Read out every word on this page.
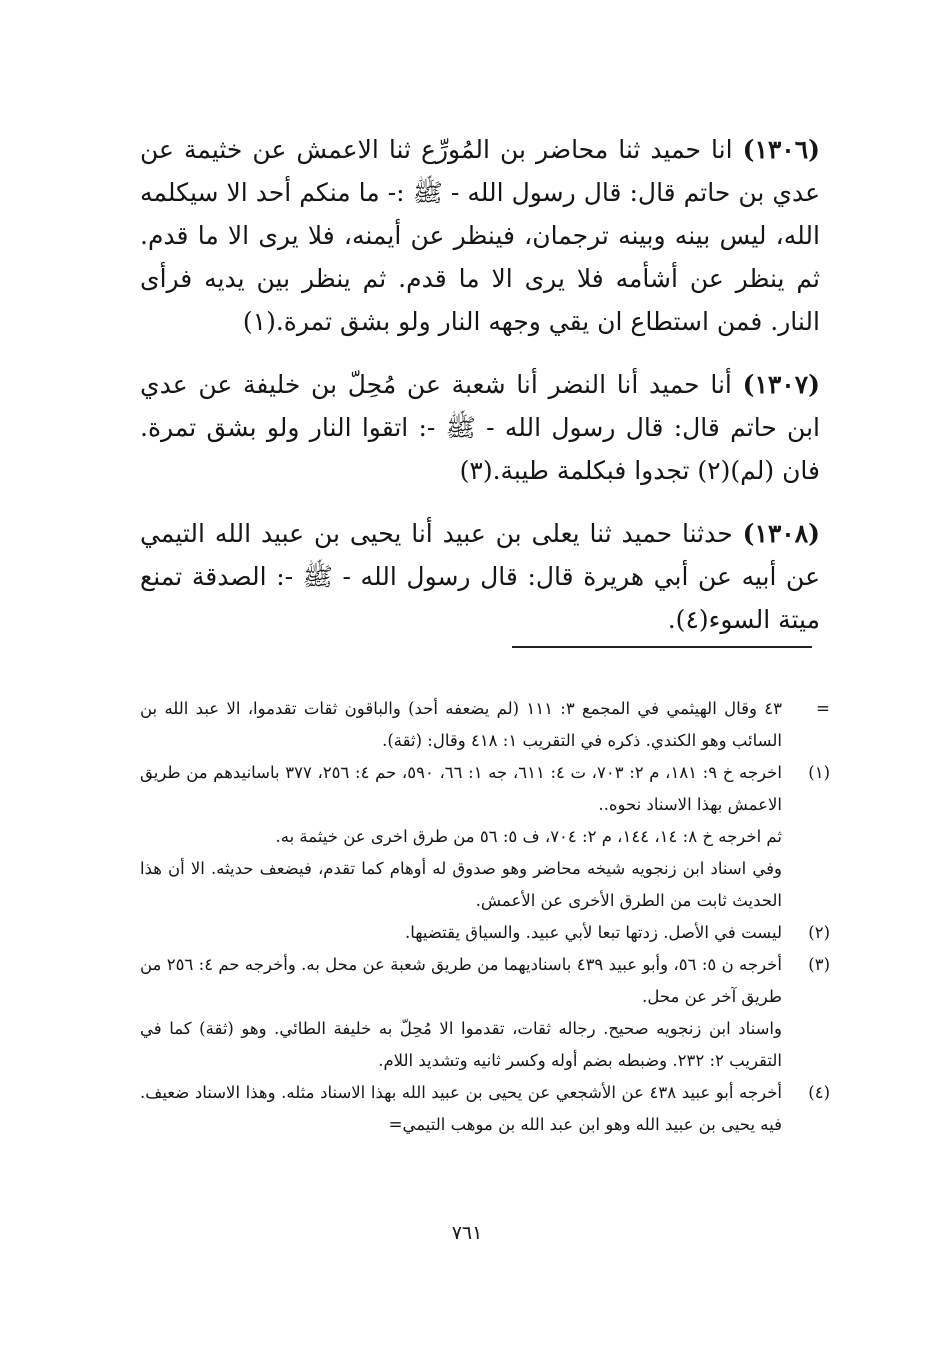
(١٣٠٦) انا حميد ثنا محاضر بن المُورِّع ثنا الاعمش عن خثيمة عن عدي بن حاتم قال: قال رسول الله - ﷺ :- ما منكم أحد الا سيكلمه الله، ليس بينه وبينه ترجمان، فينظر عن أيمنه، فلا يرى الا ما قدم. ثم ينظر عن أشأمه فلا يرى الا ما قدم. ثم ينظر بين يديه فرأى النار. فمن استطاع ان يقي وجهه النار ولو بشق تمرة.(١)

(١٣٠٧) أنا حميد أنا النضر أنا شعبة عن مُحِلّ بن خليفة عن عدي ابن حاتم قال: قال رسول الله - ﷺ -: اتقوا النار ولو بشق تمرة. فان (لم)(٢) تجدوا فبكلمة طيبة.(٣)

(١٣٠٨) حدثنا حميد ثنا يعلى بن عبيد أنا يحيى بن عبيد الله التيمي عن أبيه عن أبي هريرة قال: قال رسول الله - ﷺ -: الصدقة تمنع ميتة السوء(٤).

=

٤٣ وقال الهيثمي في المجمع ٣: ١١١ (لم يضعفه أحد) والباقون ثقات تقدموا، الا عبد الله بن السائب وهو الكندي. ذكره في التقريب ١: ٤١٨ وقال: (ثقة).

(١)

اخرجه خ ٩: ١٨١، م ٢: ٧٠٣، ت ٤: ٦١١، جه ١: ٦٦، ٥٩٠، حم ٤: ٢٥٦، ٣٧٧ باسانيدهم من طريق الاعمش بهذا الاسناد نحوه..

ثم اخرجه خ ٨: ١٤، ١٤٤، م ٢: ٧٠٤، ف ٥: ٥٦ من طرق اخرى عن خيثمة به.

وفي اسناد ابن زنجويه شيخه محاضر وهو صدوق له أوهام كما تقدم، فيضعف حديثه. الا أن هذا الحديث ثابت من الطرق الأخرى عن الأعمش.

(٢)

ليست في الأصل. زدتها تبعا لأبي عبيد. والسياق يقتضيها.

(٣)

أخرجه ن ٥: ٥٦، وأبو عبيد ٤٣٩ باسناديهما من طريق شعبة عن محل به. وأخرجه حم ٤: ٢٥٦ من طريق آخر عن محل.

واسناد ابن زنجويه صحيح. رجاله ثقات، تقدموا الا مُحِلّ به خليفة الطائي. وهو (ثقة) كما في التقريب ٢: ٢٣٢. وضبطه بضم أوله وكسر ثانيه وتشديد اللام.

(٤)

أخرجه أبو عبيد ٤٣٨ عن الأشجعي عن يحيى بن عبيد الله بهذا الاسناد مثله. وهذا الاسناد ضعيف. فيه يحيى بن عبيد الله وهو ابن عبد الله بن موهب التيمي=

٧٦١
